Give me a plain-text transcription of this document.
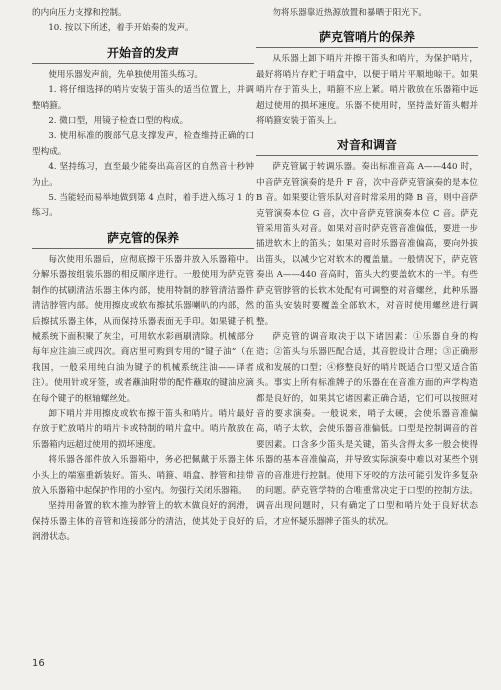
的内向压力支撑和控制。

10. 按以下所述，着手开始奏的发声。

开始音的发声

使用乐器发声前，先单独使用笛头练习。

1. 将仔细选择的哨片安装于笛头的适当位置上，并调整哨箍。

2. 微口型，用镜子检查口型的构成。

3. 使用标准的腹部气息支撑发声，检查维持正确的口型构成。

4. 坚持练习，直至最少能奏出高音区的自然音十秒钟为止。

5. 当能轻而易举地做到第 4 点时，着手进入练习 1 的练习。

萨克管的保养

每次使用乐器后，应彻底擦干乐器并放入乐器箱中。分解乐器按组装乐器的相反顺序进行。一般使用为萨克管制作的拭刷清洁乐器主体内部，使用特制的脖管清洁器件清洁脖管内部。使用擦皮或软布擦拭乐器喇叭的内部，然后擦拭乐器主体，从而保持乐器表面无手印。如果键子机械系统下面积聚了灰尘，可用软水彩画刷清除。机械部分每年应注油三或四次。商店里可购到专用的“键子油”（在我国，一般采用纯白油为键子的机械系统注油——译者注）。使用针或牙签，或者蘸油附带的配件蘸取的键油应滴在每个键子的枢轴螺丝处。

卸下哨片并用擦皮或软布擦干笛头和哨片。哨片最好存放于贮放哨片的哨片卡或特制的哨片盒中。哨片散放在乐器箱内远超过使用的损坏速度。

将乐器各部件放入乐器箱中，务必把佩戴于乐器主体小头上的端塞重新装好。笛头、哨箍、哨盒、脖管和挂带放入乐器箱中起保护作用的小室内。勿强行关闭乐器箱。

坚持用备置的软木推为脖管上的软木做良好的润滑，保持乐器主体的音管和连接部分的清洁，使其处于良好的润滑状态。

勿将乐器靠近热源放置和暴晒于阳光下。

萨克管哨片的保养

从乐器上卸下哨片并擦干笛头和哨片，为保护哨片，最好将哨片存贮于哨盒中，以便于哨片平顺地晾干。如果哨片存于笛头上，哨箍不应上紧。哨片散放在乐器箱中远超过使用的损坏速度。乐器不使用时，坚持盖好笛头帽并将哨箍安装于笛头上。

对音和调音

萨克管属于转调乐器。奏出标准音高 A——440 时，中音萨克管演奏的是升 F 音，次中音萨克管演奏的是本位 B 音。如果要让管乐队对音时常采用的降 B 音，则中音萨克管演奏本位 G 音，次中音萨克管演奏本位 C 音。萨克管采用笛头对音。如果对音时萨克管音准偏低，要进一步插进软木上的笛头；如果对音时乐器音准偏高，要向外拔出笛头，以减少它对软木的覆盖量。一般情况下，萨克管奏出 A——440 音高时，笛头大约要盖软木的一半。有些萨克管脖管的长软木处配有可调整的对音螺丝，此种乐器的笛头安装时要覆盖全部软木，对音时使用螺丝进行调整。

萨克管的调音取决于以下诸因素：①乐器自身的构造；②笛头与乐器匹配合适，其音腔设计合理；③正确形成和发展的口型；④修整良好的哨片既适合口型又适合笛头。事实上所有标准牌子的乐器在在音准方面的声学构造都是良好的，如果其它诸因素正确合适，它们可以按照对音的要求演奏。一般说来，哨子太硬，会使乐器音准偏高，哨子太软，会使乐器音准偏低。口型是控制调音的首要因素。口含多少笛头是关键，笛头含得太多一般会使得乐器的基本音准偏高，并导致实际演奏中难以对某些个别音的音准进行控制。使用下牙咬的方法可能引发许多复杂的问题。萨克管学特的合唯重常决定于口型的控制方法。调音出现问题时，只有确定了口型和哨片处于良好状态后，才应怀疑乐器牌子笛头的状况。

16
